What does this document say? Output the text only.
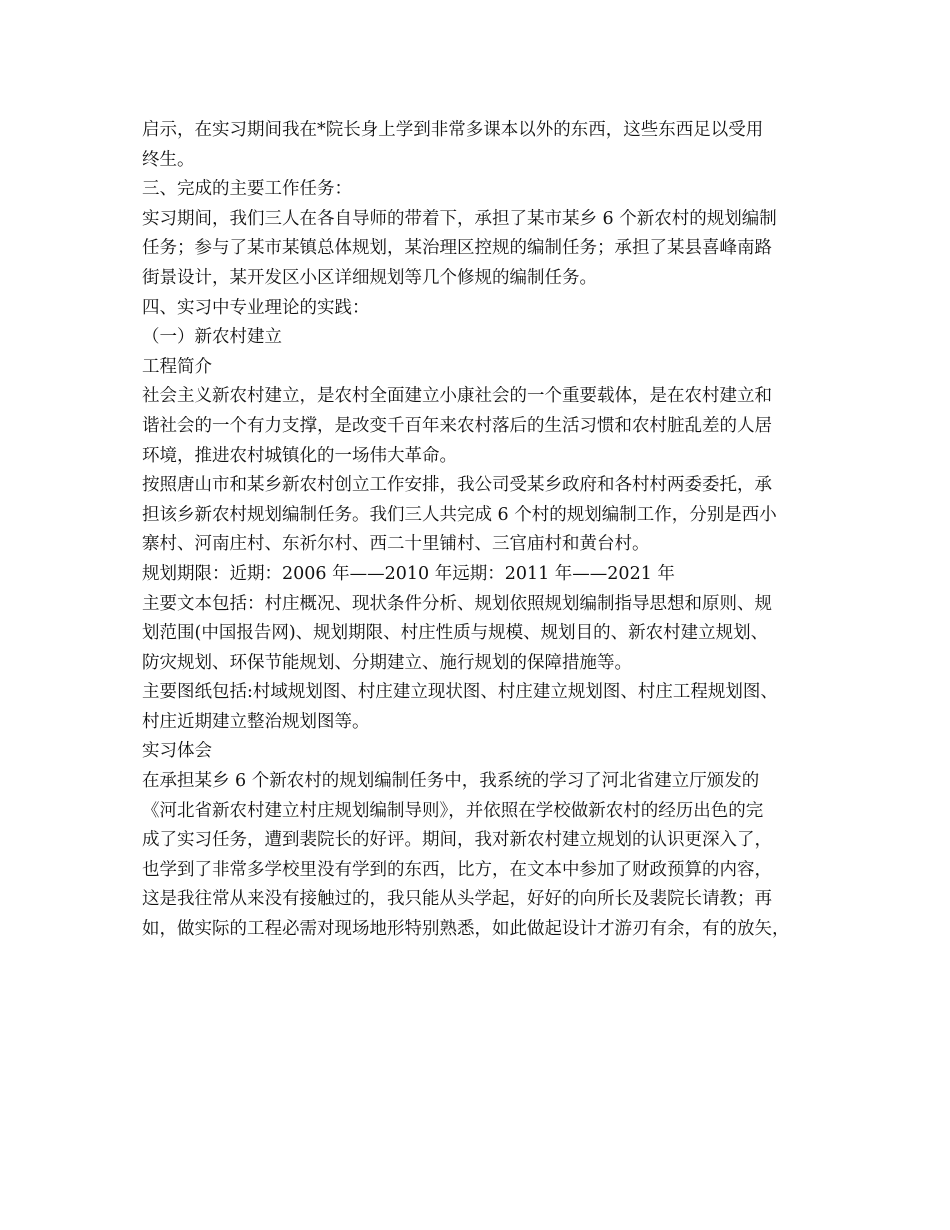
启示，在实习期间我在*院长身上学到非常多课本以外的东西，这些东西足以受用
终生。

三、完成的主要工作任务：

实习期间，我们三人在各自导师的带着下，承担了某市某乡 6 个新农村的规划编制
任务；参与了某市某镇总体规划，某治理区控规的编制任务；承担了某县喜峰南路
街景设计，某开发区小区详细规划等几个修规的编制任务。

四、实习中专业理论的实践：

（一）新农村建立

工程简介

社会主义新农村建立，是农村全面建立小康社会的一个重要载体，是在农村建立和
谐社会的一个有力支撑，是改变千百年来农村落后的生活习惯和农村脏乱差的人居
环境，推进农村城镇化的一场伟大革命。

按照唐山市和某乡新农村创立工作安排，我公司受某乡政府和各村村两委委托，承
担该乡新农村规划编制任务。我们三人共完成 6 个村的规划编制工作，分别是西小
寨村、河南庄村、东祈尔村、西二十里铺村、三官庙村和黄台村。

规划期限：近期：2006 年——2010 年远期：2011 年——2021 年

主要文本包括：村庄概况、现状条件分析、规划依照规划编制指导思想和原则、规
划范围(中国报告网)、规划期限、村庄性质与规模、规划目的、新农村建立规划、
防灾规划、环保节能规划、分期建立、施行规划的保障措施等。

主要图纸包括:村域规划图、村庄建立现状图、村庄建立规划图、村庄工程规划图、
村庄近期建立整治规划图等。

实习体会

在承担某乡 6 个新农村的规划编制任务中，我系统的学习了河北省建立厅颁发的
《河北省新农村建立村庄规划编制导则》，并依照在学校做新农村的经历出色的完
成了实习任务，遭到裴院长的好评。期间，我对新农村建立规划的认识更深入了，
也学到了非常多学校里没有学到的东西，比方，在文本中参加了财政预算的内容，
这是我往常从来没有接触过的，我只能从头学起，好好的向所长及裴院长请教；再
如，做实际的工程必需对现场地形特别熟悉，如此做起设计才游刃有余，有的放矢，
